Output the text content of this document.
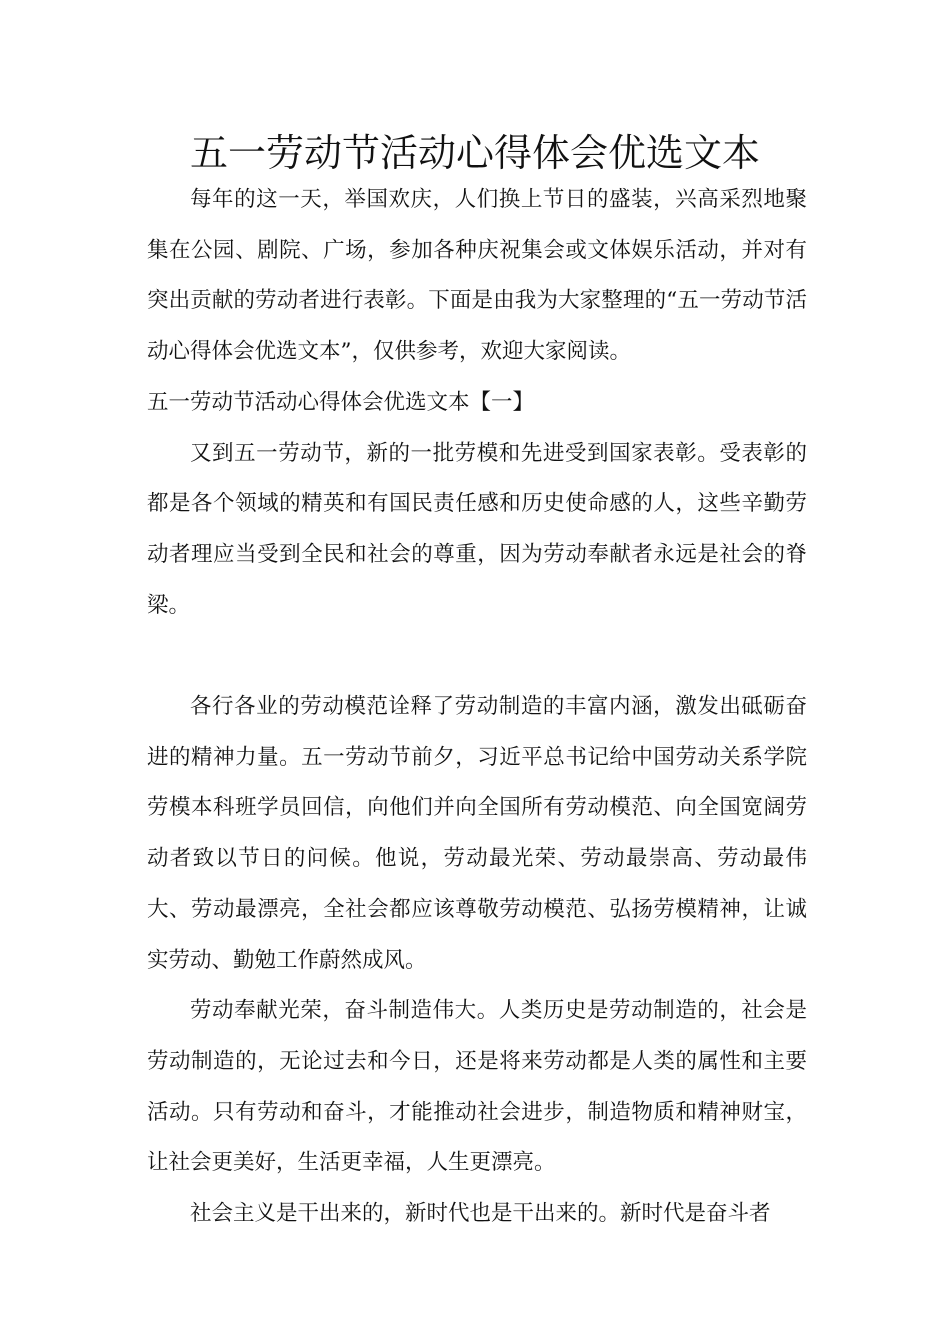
五一劳动节活动心得体会优选文本

每年的这一天，举国欢庆，人们换上节日的盛装，兴高采烈地聚集在公园、剧院、广场，参加各种庆祝集会或文体娱乐活动，并对有突出贡献的劳动者进行表彰。下面是由我为大家整理的“五一劳动节活动心得体会优选文本”，仅供参考，欢迎大家阅读。

五一劳动节活动心得体会优选文本【一】

又到五一劳动节，新的一批劳模和先进受到国家表彰。受表彰的都是各个领域的精英和有国民责任感和历史使命感的人，这些辛勤劳动者理应当受到全民和社会的尊重，因为劳动奉献者永远是社会的脊梁。

各行各业的劳动模范诠释了劳动制造的丰富内涵，激发出砥砺奋进的精神力量。五一劳动节前夕，习近平总书记给中国劳动关系学院劳模本科班学员回信，向他们并向全国所有劳动模范、向全国宽阔劳动者致以节日的问候。他说，劳动最光荣、劳动最崇高、劳动最伟大、劳动最漂亮，全社会都应该尊敬劳动模范、弘扬劳模精神，让诚实劳动、勤勉工作蔚然成风。

劳动奉献光荣，奋斗制造伟大。人类历史是劳动制造的，社会是劳动制造的，无论过去和今日，还是将来劳动都是人类的属性和主要活动。只有劳动和奋斗，才能推动社会进步，制造物质和精神财宝，让社会更美好，生活更幸福，人生更漂亮。

社会主义是干出来的，新时代也是干出来的。新时代是奋斗者
